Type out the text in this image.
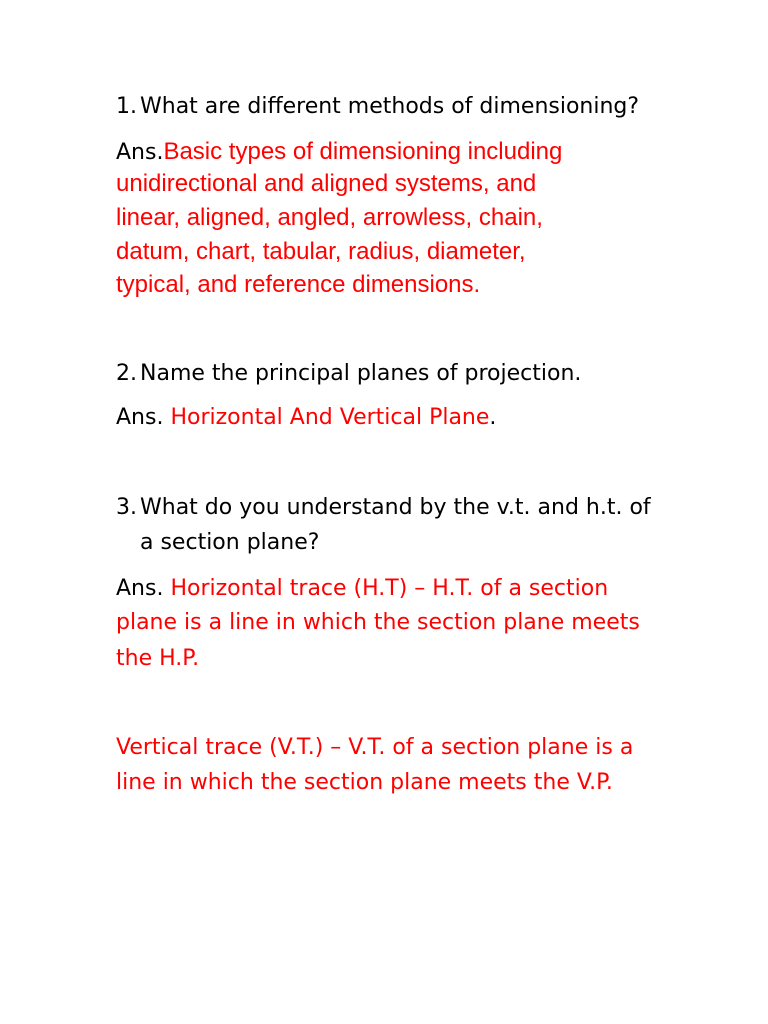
1. What are different methods of dimensioning?
Ans.Basic types of dimensioning including
unidirectional and aligned systems, and
linear, aligned, angled, arrowless, chain,
datum, chart, tabular, radius, diameter,
typical, and reference dimensions.
2. Name the principal planes of projection.
Ans. Horizontal And Vertical Plane.
3. What do you understand by the v.t. and h.t. of
a section plane?
Ans. Horizontal trace (H.T) – H.T. of a section
plane is a line in which the section plane meets
the H.P.
Vertical trace (V.T.) – V.T. of a section plane is a
line in which the section plane meets the V.P.
